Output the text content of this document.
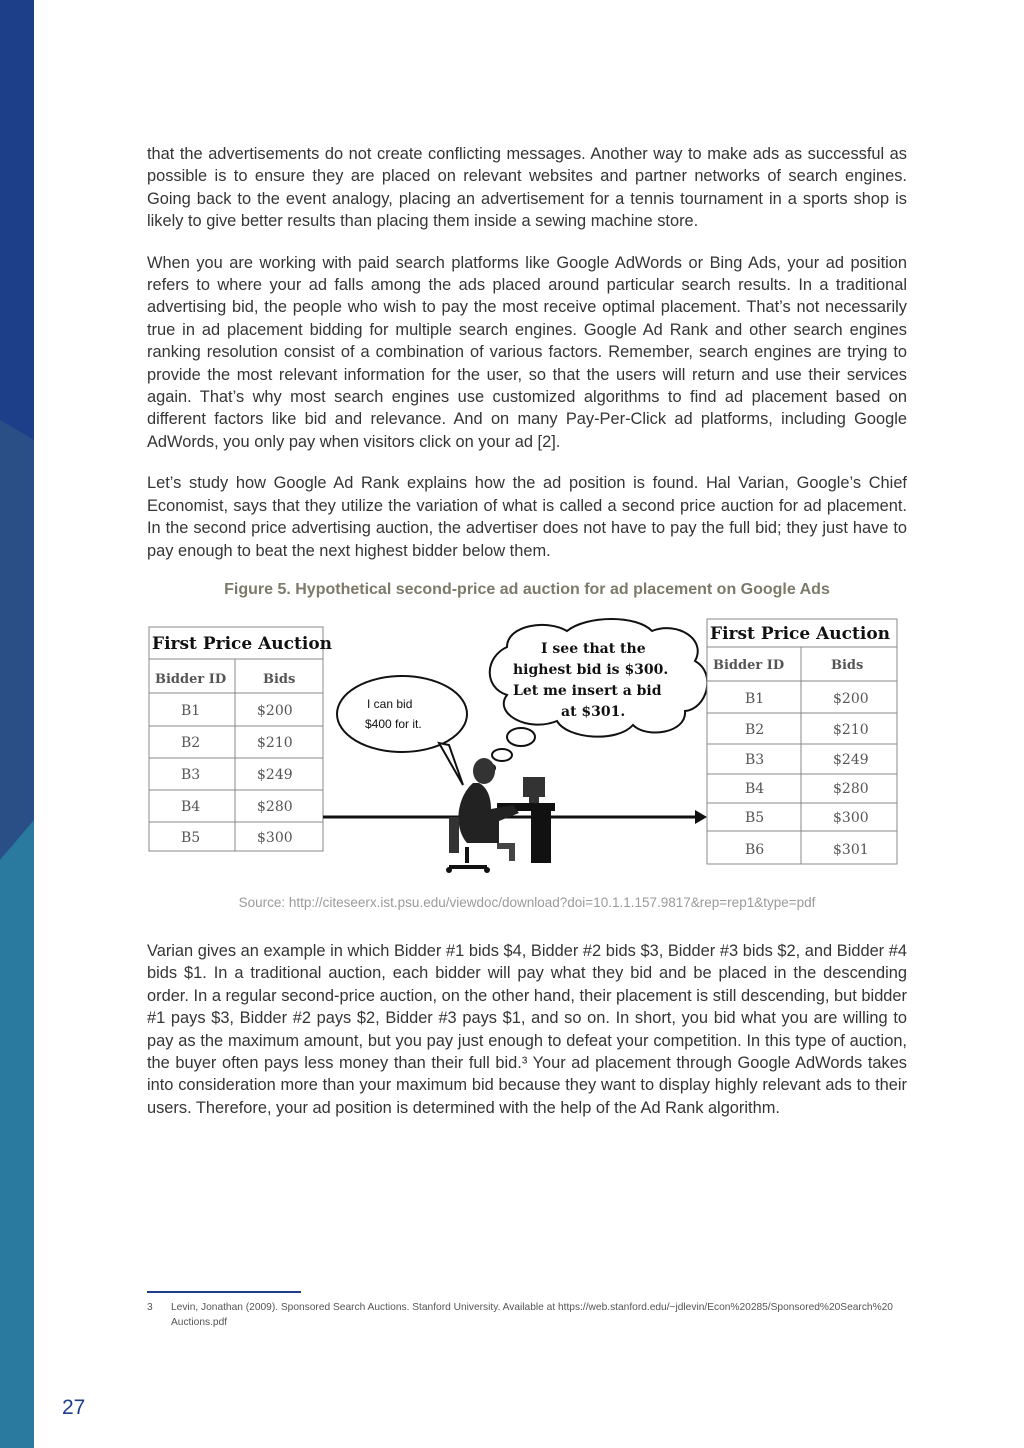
that the advertisements do not create conflicting messages. Another way to make ads as successful as possible is to ensure they are placed on relevant websites and partner networks of search engines. Going back to the event analogy, placing an advertisement for a tennis tournament in a sports shop is likely to give better results than placing them inside a sewing machine store.

When you are working with paid search platforms like Google AdWords or Bing Ads, your ad position refers to where your ad falls among the ads placed around particular search results. In a traditional advertising bid, the people who wish to pay the most receive optimal placement. That’s not necessarily true in ad placement bidding for multiple search engines. Google Ad Rank and other search engines ranking resolution consist of a combination of various factors. Remember, search engines are trying to provide the most relevant information for the user, so that the users will return and use their services again. That’s why most search engines use customized algorithms to find ad placement based on different factors like bid and relevance. And on many Pay-Per-Click ad platforms, including Google AdWords, you only pay when visitors click on your ad [2].

Let’s study how Google Ad Rank explains how the ad position is found. Hal Varian, Google’s Chief Economist, says that they utilize the variation of what is called a second price auction for ad placement. In the second price advertising auction, the advertiser does not have to pay the full bid; they just have to pay enough to beat the next highest bidder below them.

Figure 5. Hypothetical second-price ad auction for ad placement on Google Ads
First Price Auction
Bidder ID	Bids
B1	$200
B2	$210
B3	$249
B4	$280
B5	$300
I can bid
$400 for it.
I see that the
highest bid is $300.
Let me insert a bid
at $301.
First Price Auction
Bidder ID	Bids
B1	$200
B2	$210
B3	$249
B4	$280
B5	$300
B6	$301
Source: http://citeseerx.ist.psu.edu/viewdoc/download?doi=10.1.1.157.9817&rep=rep1&type=pdf

Varian gives an example in which Bidder #1 bids $4, Bidder #2 bids $3, Bidder #3 bids $2, and Bidder #4 bids $1. In a traditional auction, each bidder will pay what they bid and be placed in the descending order. In a regular second-price auction, on the other hand, their placement is still descending, but bidder #1 pays $3, Bidder #2 pays $2, Bidder #3 pays $1, and so on. In short, you bid what you are willing to pay as the maximum amount, but you pay just enough to defeat your competition. In this type of auction, the buyer often pays less money than their full bid.³ Your ad placement through Google AdWords takes into consideration more than your maximum bid because they want to display highly relevant ads to their users. Therefore, your ad position is determined with the help of the Ad Rank algorithm.

3 Levin, Jonathan (2009). Sponsored Search Auctions. Stanford University. Available at https://web.stanford.edu/~jdlevin/Econ%20285/Sponsored%20Search%20 Auctions.pdf
27
